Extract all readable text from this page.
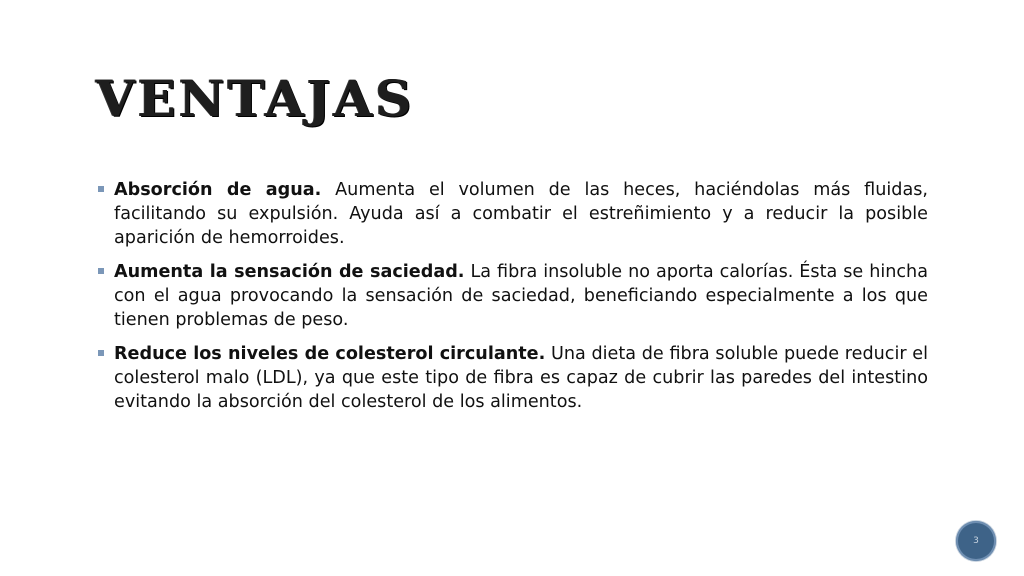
VENTAJAS
Absorción de agua. Aumenta el volumen de las heces, haciéndolas más fluidas, facilitando su expulsión. Ayuda así a combatir el estreñimiento y a reducir la posible aparición de hemorroides.
Aumenta la sensación de saciedad. La fibra insoluble no aporta calorías. Ésta se hincha con el agua provocando la sensación de saciedad, beneficiando especialmente a los que tienen problemas de peso.
Reduce los niveles de colesterol circulante. Una dieta de fibra soluble puede reducir el colesterol malo (LDL), ya que este tipo de fibra es capaz de cubrir las paredes del intestino evitando la absorción del colesterol de los alimentos.
3
